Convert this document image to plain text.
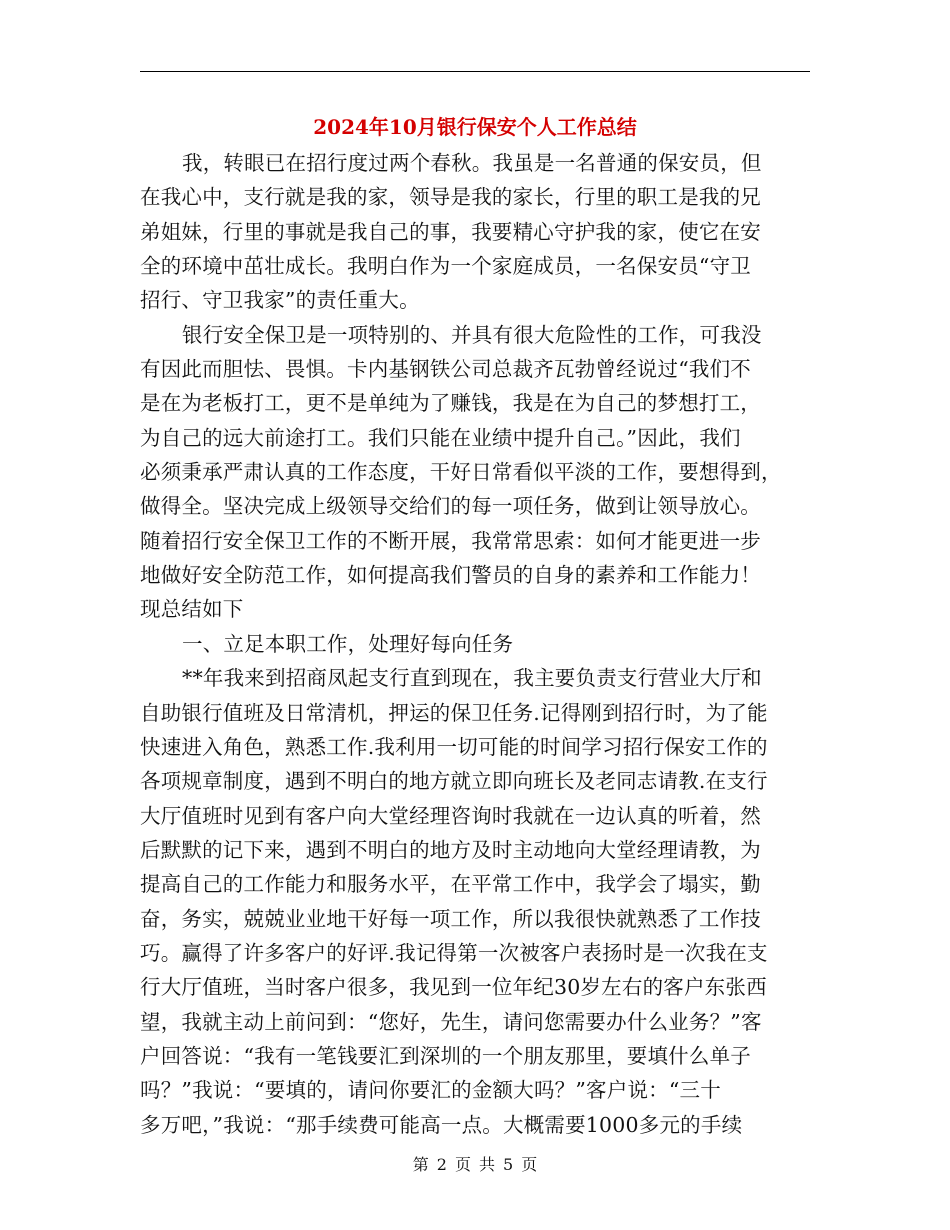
2024年10月银行保安个人工作总结
我，转眼已在招行度过两个春秋。我虽是一名普通的保安员，但
在我心中，支行就是我的家，领导是我的家长，行里的职工是我的兄
弟姐妹，行里的事就是我自己的事，我要精心守护我的家，使它在安
全的环境中茁壮成长。我明白作为一个家庭成员，一名保安员“守卫
招行、守卫我家”的责任重大。
银行安全保卫是一项特别的、并具有很大危险性的工作，可我没
有因此而胆怯、畏惧。卡内基钢铁公司总裁齐瓦勃曾经说过“我们不
是在为老板打工，更不是单纯为了赚钱，我是在为自己的梦想打工，
为自己的远大前途打工。我们只能在业绩中提升自己。”因此，我们
必须秉承严肃认真的工作态度，干好日常看似平淡的工作，要想得到，
做得全。坚决完成上级领导交给们的每一项任务，做到让领导放心。
随着招行安全保卫工作的不断开展，我常常思索：如何才能更进一步
地做好安全防范工作，如何提高我们警员的自身的素养和工作能力！
现总结如下
一、立足本职工作，处理好每向任务
**年我来到招商凤起支行直到现在，我主要负责支行营业大厅和
自助银行值班及日常清机，押运的保卫任务.记得刚到招行时，为了能
快速进入角色，熟悉工作.我利用一切可能的时间学习招行保安工作的
各项规章制度，遇到不明白的地方就立即向班长及老同志请教.在支行
大厅值班时见到有客户向大堂经理咨询时我就在一边认真的听着，然
后默默的记下来，遇到不明白的地方及时主动地向大堂经理请教，为
提高自己的工作能力和服务水平，在平常工作中，我学会了塌实，勤
奋，务实，兢兢业业地干好每一项工作，所以我很快就熟悉了工作技
巧。赢得了许多客户的好评.我记得第一次被客户表扬时是一次我在支
行大厅值班，当时客户很多，我见到一位年纪30岁左右的客户东张西
望，我就主动上前问到：“您好，先生，请问您需要办什么业务？”客
户回答说：“我有一笔钱要汇到深圳的一个朋友那里，要填什么单子
吗？”我说：“要填的，请问你要汇的金额大吗？”客户说：“三十
多万吧，”我说：“那手续费可能高一点。大概需要1000多元的手续
第 2 页 共 5 页
